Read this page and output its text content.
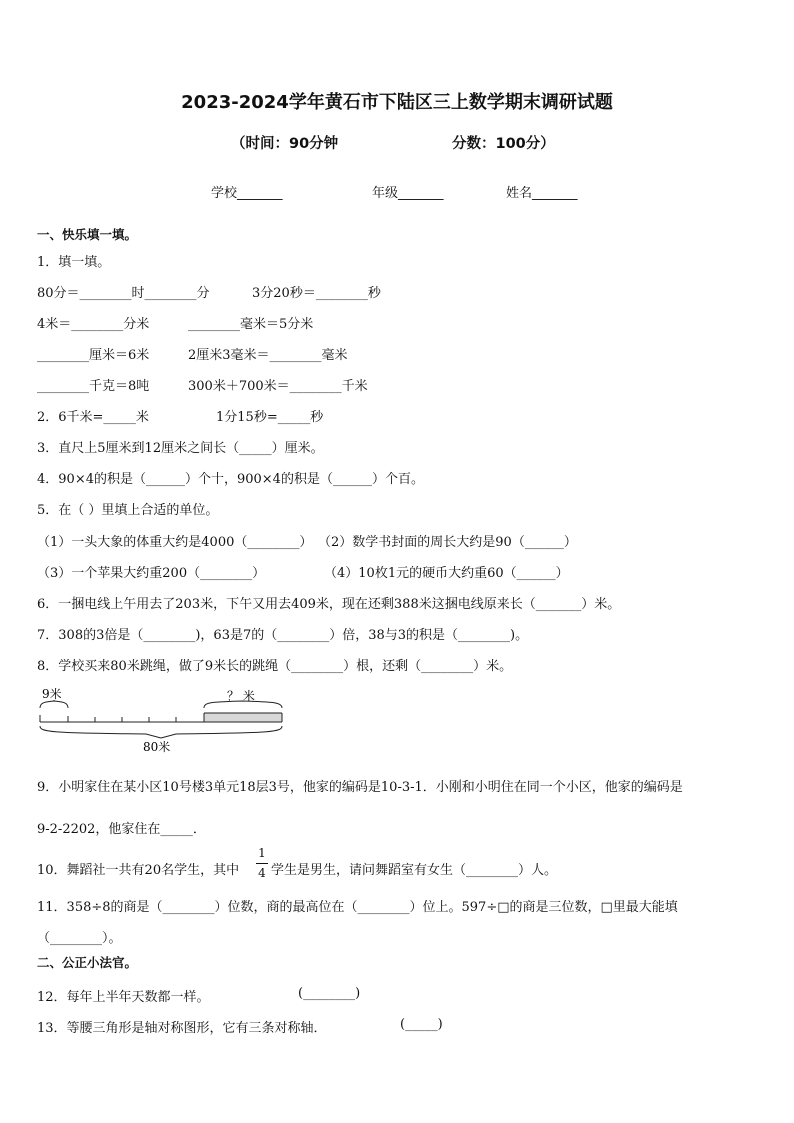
2023-2024学年黄石市下陆区三上数学期末调研试题
（时间：90分钟	分数：100分）
学校_______	年级_______	姓名_______
一、快乐填一填。
1．填一填。
80分＝________时________分	3分20秒＝________秒
4米＝________分米	________毫米＝5分米
________厘米＝6米	2厘米3毫米＝________毫米
________千克＝8吨	300米＋700米＝________千米
2．6千米=_____米	1分15秒=_____秒
3．直尺上5厘米到12厘米之间长（_____）厘米。
4．90×4的积是（______）个十，900×4的积是（______）个百。
5．在（ ）里填上合适的单位。
（1）一头大象的体重大约是4000（________） （2）数学书封面的周长大约是90（______）
（3）一个苹果大约重200（________）	（4）10枚1元的硬币大约重60（______）
6．一捆电线上午用去了203米，下午又用去409米，现在还剩388米这捆电线原来长（_______）米。
7．308的3倍是（________)，63是7的（________）倍，38与3的积是（________)。
8．学校买来80米跳绳，做了9米长的跳绳（________）根，还剩（________）米。
9米	？ 米
80米
9．小明家住在某小区10号楼3单元18层3号，他家的编码是10-3-1．小刚和小明住在同一个小区，他家的编码是
9-2-2202，他家住在_____．
10．舞蹈社一共有20名学生，其中
1
4 学生是男生，请问舞蹈室有女生（________）人。
11．358÷8的商是（________）位数，商的最高位在（________）位上。597÷□的商是三位数，□里最大能填
（________）。
二、公正小法官。
12．每年上半年天数都一样。	(________)
13．等腰三角形是轴对称图形，它有三条对称轴．	(_____)
